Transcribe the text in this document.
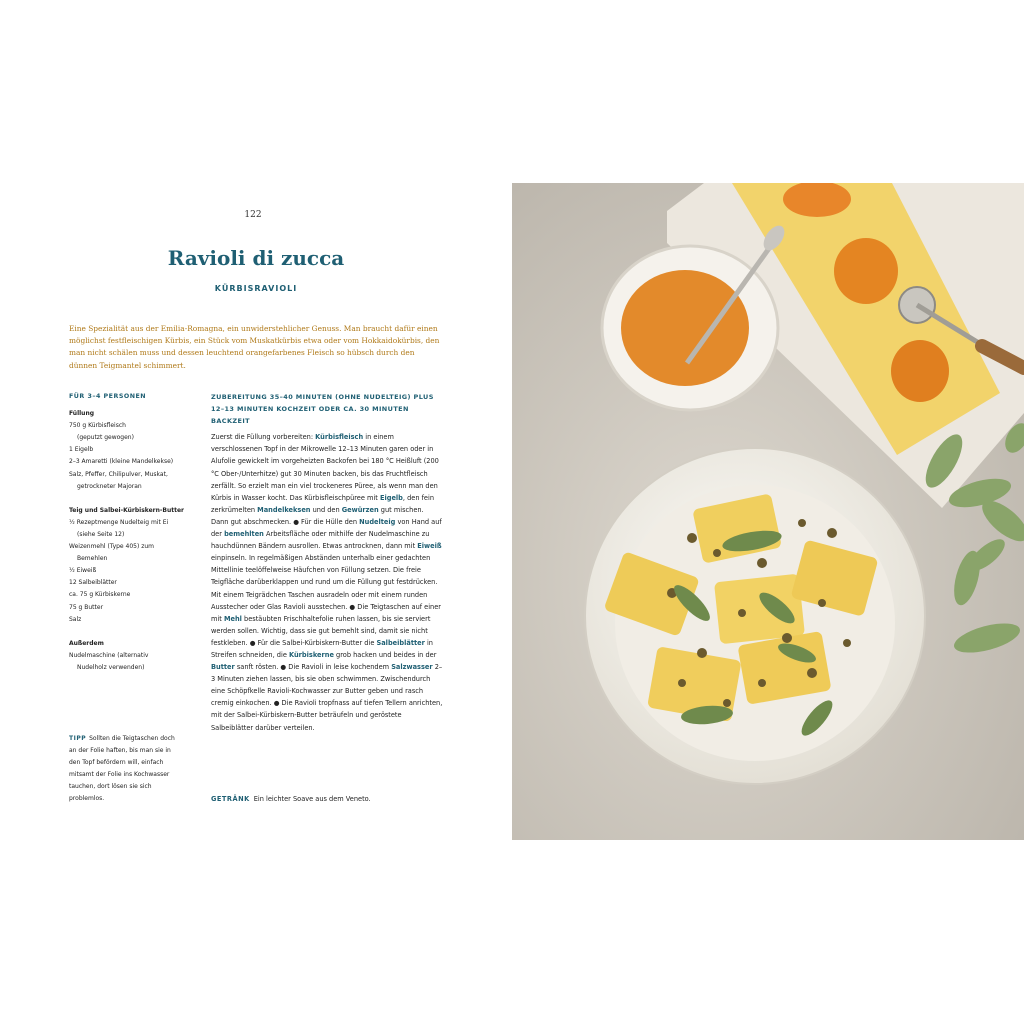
122
Ravioli di zucca
KÜRBISRAVIOLI

Eine Spezialität aus der Emilia-Romagna, ein unwiderstehlicher Genuss. Man braucht dafür einen möglichst festfleischigen Kürbis, ein Stück vom Muskatkürbis etwa oder vom Hokkaidokürbis, den man nicht schälen muss und dessen leuchtend orangefarbenes Fleisch so hübsch durch den dünnen Teigmantel schimmert.

FÜR 3–4 PERSONEN
Füllung
750 g Kürbisfleisch
(geputzt gewogen)
1 Eigelb
2–3 Amaretti (kleine Mandelkekse)
Salz, Pfeffer, Chilipulver, Muskat,
getrockneter Majoran
Teig und Salbei-Kürbiskern-Butter
½ Rezeptmenge Nudelteig mit Ei
(siehe Seite 12)
Weizenmehl (Type 405) zum
Bemehlen
½ Eiweiß
12 Salbeiblätter
ca. 75 g Kürbiskerne
75 g Butter
Salz
Außerdem
Nudelmaschine (alternativ
Nudelholz verwenden)
TIPP Sollten die Teigtaschen doch an der Folie haften, bis man sie in den Topf befördern will, einfach mitsamt der Folie ins Kochwasser tauchen, dort lösen sie sich problemlos.
ZUBEREITUNG 35–40 MINUTEN (OHNE NUDELTEIG) PLUS 12–13 MINUTEN KOCHZEIT ODER CA. 30 MINUTEN BACKZEIT
Zuerst die Füllung vorbereiten: Kürbisfleisch in einem verschlossenen Topf in der Mikrowelle 12–13 Minuten garen oder in Alufolie gewickelt im vorgeheizten Backofen bei 180 °C Heißluft (200 °C Ober-/Unterhitze) gut 30 Minuten backen, bis das Fruchtfleisch zerfällt. So erzielt man ein viel trockeneres Püree, als wenn man den Kürbis in Wasser kocht. Das Kürbisfleischpüree mit Eigelb, den fein zerkrümelten Mandelkeksen und den Gewürzen gut mischen. Dann gut abschmecken. ● Für die Hülle den Nudelteig von Hand auf der bemehlten Arbeitsfläche oder mithilfe der Nudelmaschine zu hauchdünnen Bändern ausrollen. Etwas antrocknen, dann mit Eiweiß einpinseln. In regelmäßigen Abständen unterhalb einer gedachten Mittellinie teelöffelweise Häufchen von Füllung setzen. Die freie Teigfläche darüberklappen und rund um die Füllung gut festdrücken. Mit einem Teigrädchen Taschen ausradeln oder mit einem runden Ausstecher oder Glas Ravioli ausstechen. ● Die Teigtaschen auf einer mit Mehl bestäubten Frischhaltefolie ruhen lassen, bis sie serviert werden sollen. Wichtig, dass sie gut bemehlt sind, damit sie nicht festkleben. ● Für die Salbei-Kürbiskern-Butter die Salbeiblätter in Streifen schneiden, die Kürbiskerne grob hacken und beides in der Butter sanft rösten. ● Die Ravioli in leise kochendem Salzwasser 2–3 Minuten ziehen lassen, bis sie oben schwimmen. Zwischendurch eine Schöpfkelle Ravioli-Kochwasser zur Butter geben und rasch cremig einkochen. ● Die Ravioli tropfnass auf tiefen Tellern anrichten, mit der Salbei-Kürbiskern-Butter beträufeln und geröstete Salbeiblätter darüber verteilen.
GETRÄNK Ein leichter Soave aus dem Veneto.
